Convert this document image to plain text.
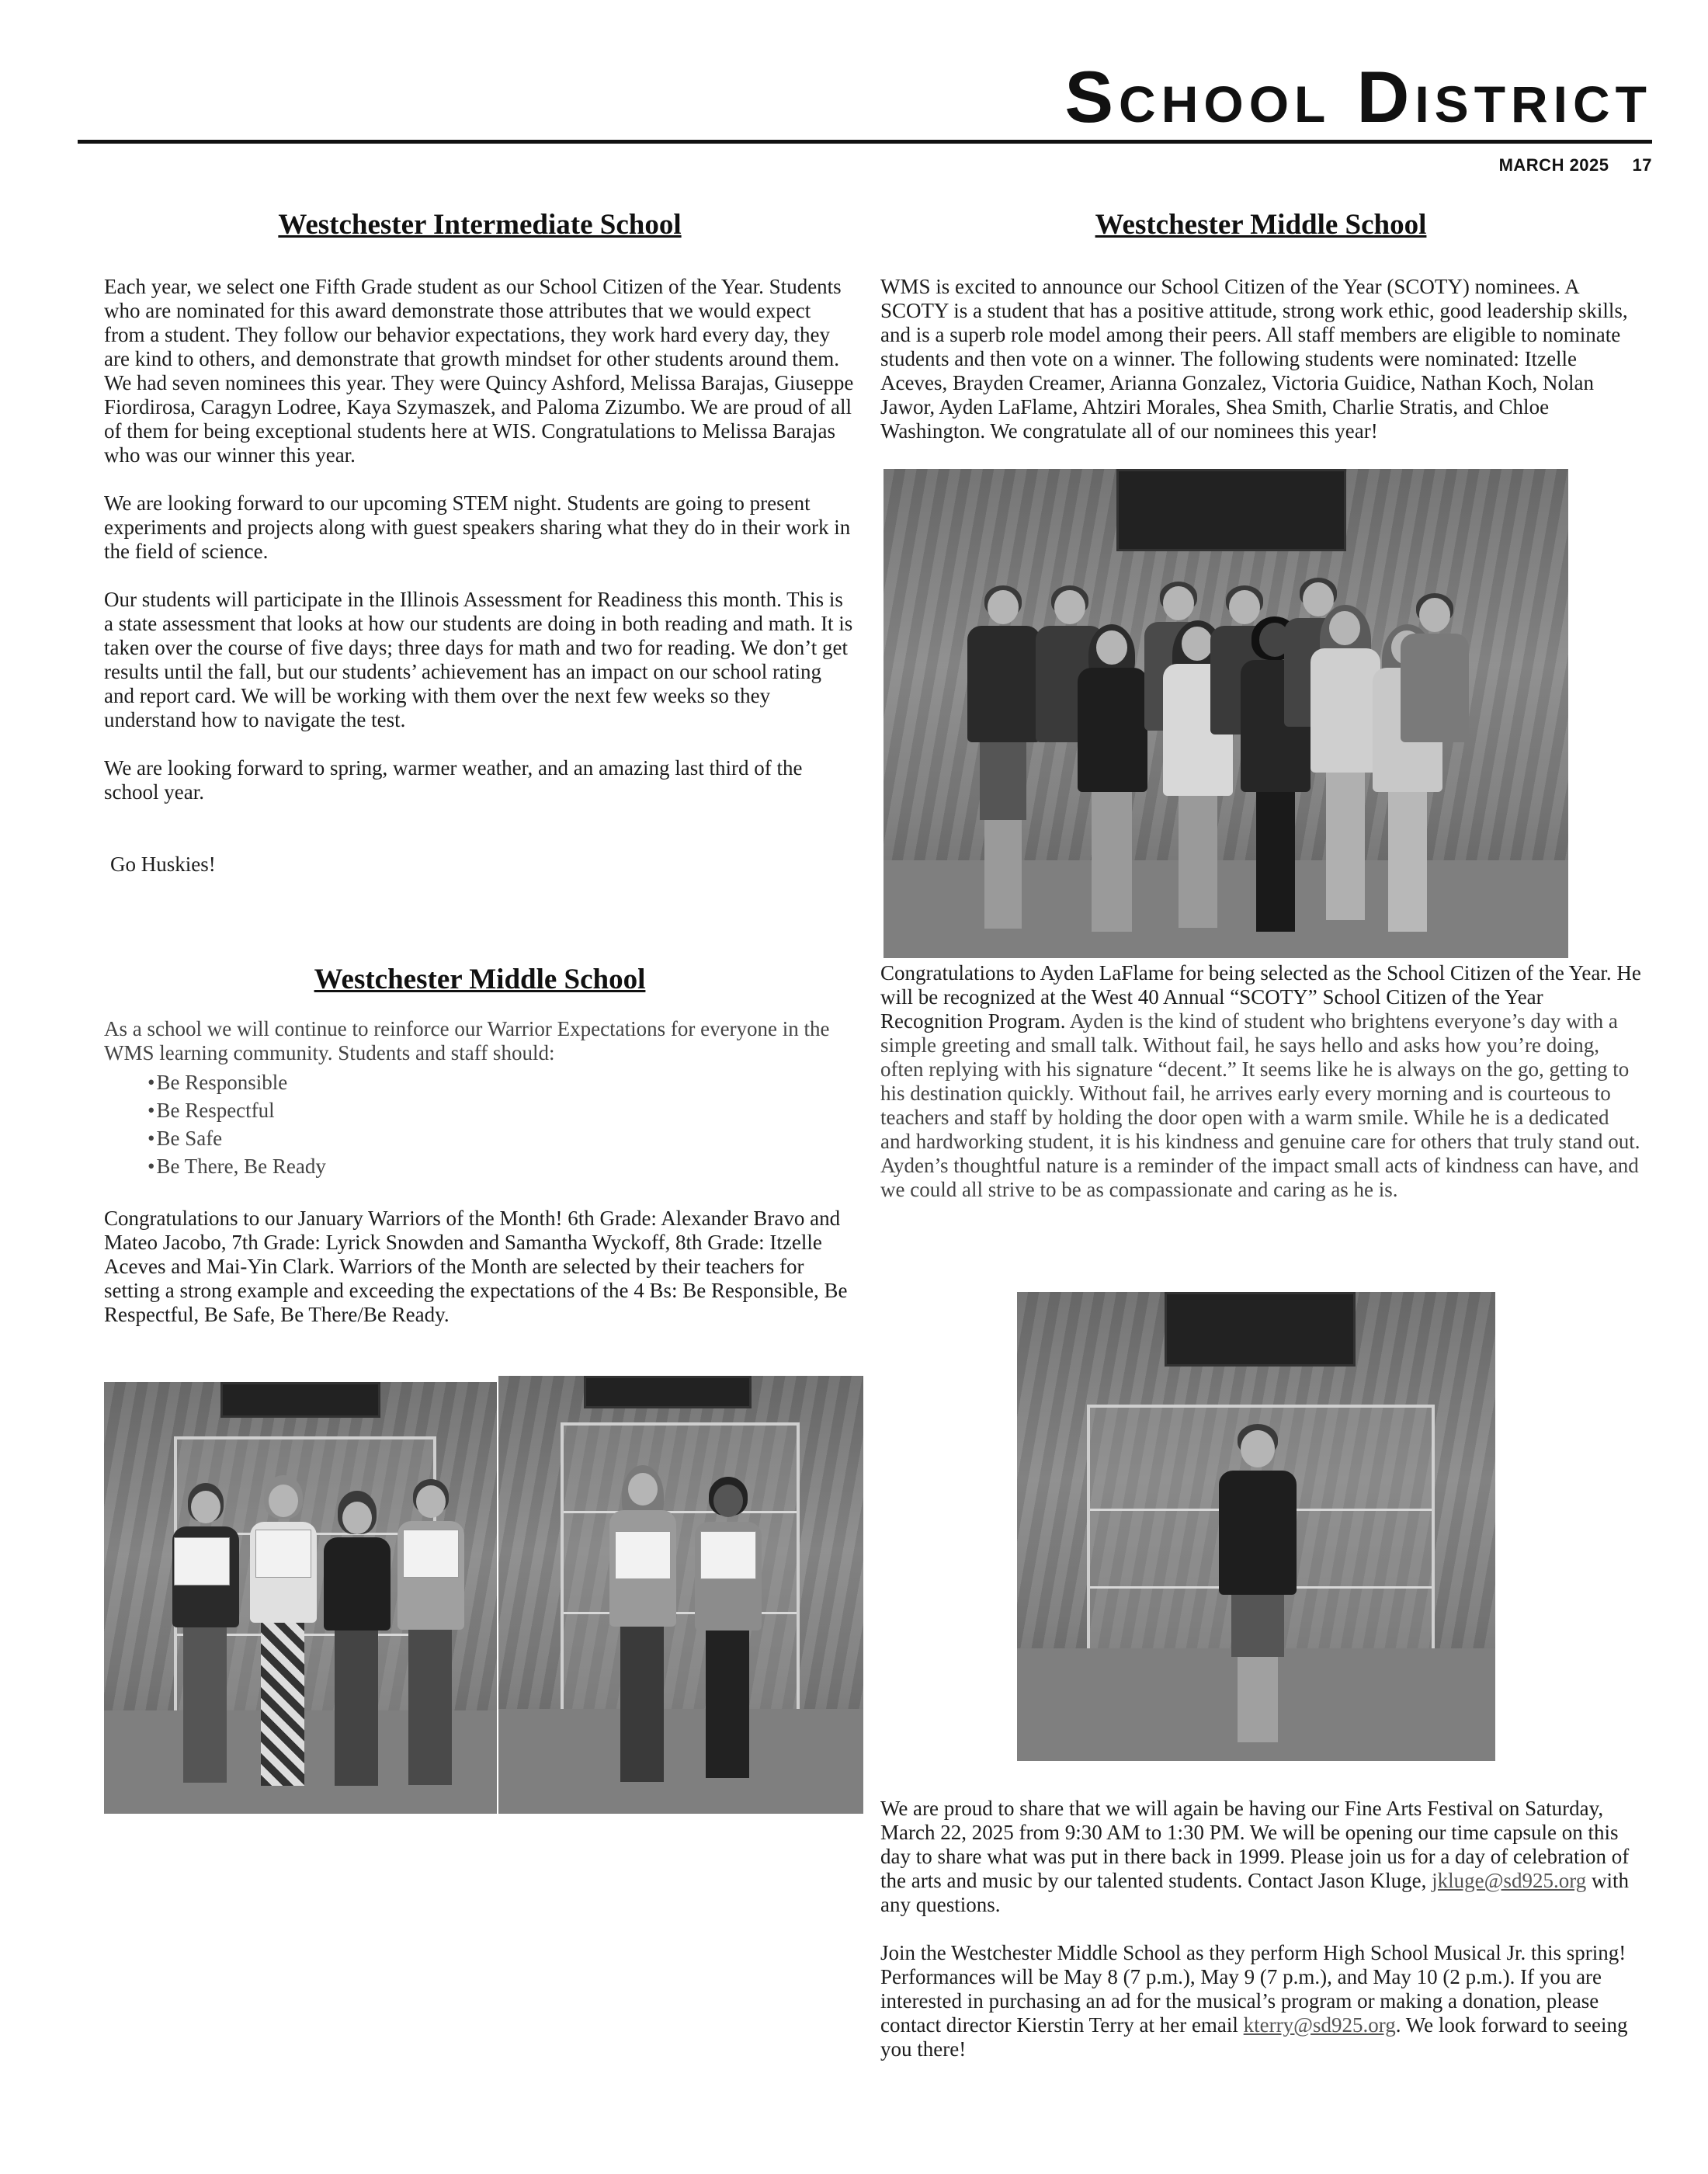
School District
MARCH 2025 17
Westchester Intermediate School

Each year, we select one Fifth Grade student as our School Citizen of the Year. Students who are nominated for this award demonstrate those attributes that we would expect from a student. They follow our behavior expectations, they work hard every day, they are kind to others, and demonstrate that growth mindset for other students around them. We had seven nominees this year. They were Quincy Ashford, Melissa Barajas, Giuseppe Fiordirosa, Caragyn Lodree, Kaya Szymaszek, and Paloma Zizumbo. We are proud of all of them for being exceptional students here at WIS. Congratulations to Melissa Barajas who was our winner this year.

We are looking forward to our upcoming STEM night. Students are going to present experiments and projects along with guest speakers sharing what they do in their work in the field of science.

Our students will participate in the Illinois Assessment for Readiness this month. This is a state assessment that looks at how our students are doing in both reading and math. It is taken over the course of five days; three days for math and two for reading. We don’t get results until the fall, but our students’ achievement has an impact on our school rating and report card. We will be working with them over the next few weeks so they understand how to navigate the test.

We are looking forward to spring, warmer weather, and an amazing last third of the school year.

Go Huskies!

Westchester Middle School

As a school we will continue to reinforce our Warrior Expectations for everyone in the WMS learning community. Students and staff should:

• Be Responsible
• Be Respectful
• Be Safe
• Be There, Be Ready

Congratulations to our January Warriors of the Month! 6th Grade: Alexander Bravo and Mateo Jacobo, 7th Grade: Lyrick Snowden and Samantha Wyckoff, 8th Grade: Itzelle Aceves and Mai-Yin Clark. Warriors of the Month are selected by their teachers for setting a strong example and exceeding the expectations of the 4 Bs: Be Responsible, Be Respectful, Be Safe, Be There/Be Ready.

Westchester Middle School

WMS is excited to announce our School Citizen of the Year (SCOTY) nominees. A SCOTY is a student that has a positive attitude, strong work ethic, good leadership skills, and is a superb role model among their peers. All staff members are eligible to nominate students and then vote on a winner. The following students were nominated: Itzelle Aceves, Brayden Creamer, Arianna Gonzalez, Victoria Guidice, Nathan Koch, Nolan Jawor, Ayden LaFlame, Ahtziri Morales, Shea Smith, Charlie Stratis, and Chloe Washington. We congratulate all of our nominees this year!

Congratulations to Ayden LaFlame for being selected as the School Citizen of the Year. He will be recognized at the West 40 Annual “SCOTY” School Citizen of the Year Recognition Program. Ayden is the kind of student who brightens everyone’s day with a simple greeting and small talk. Without fail, he says hello and asks how you’re doing, often replying with his signature “decent.” It seems like he is always on the go, getting to his destination quickly. Without fail, he arrives early every morning and is courteous to teachers and staff by holding the door open with a warm smile. While he is a dedicated and hardworking student, it is his kindness and genuine care for others that truly stand out. Ayden’s thoughtful nature is a reminder of the impact small acts of kindness can have, and we could all strive to be as compassionate and caring as he is.

We are proud to share that we will again be having our Fine Arts Festival on Saturday, March 22, 2025 from 9:30 AM to 1:30 PM. We will be opening our time capsule on this day to share what was put in there back in 1999. Please join us for a day of celebration of the arts and music by our talented students. Contact Jason Kluge, jkluge@sd925.org with any questions.

Join the Westchester Middle School as they perform High School Musical Jr. this spring! Performances will be May 8 (7 p.m.), May 9 (7 p.m.), and May 10 (2 p.m.). If you are interested in purchasing an ad for the musical’s program or making a donation, please contact director Kierstin Terry at her email kterry@sd925.org. We look forward to seeing you there!
